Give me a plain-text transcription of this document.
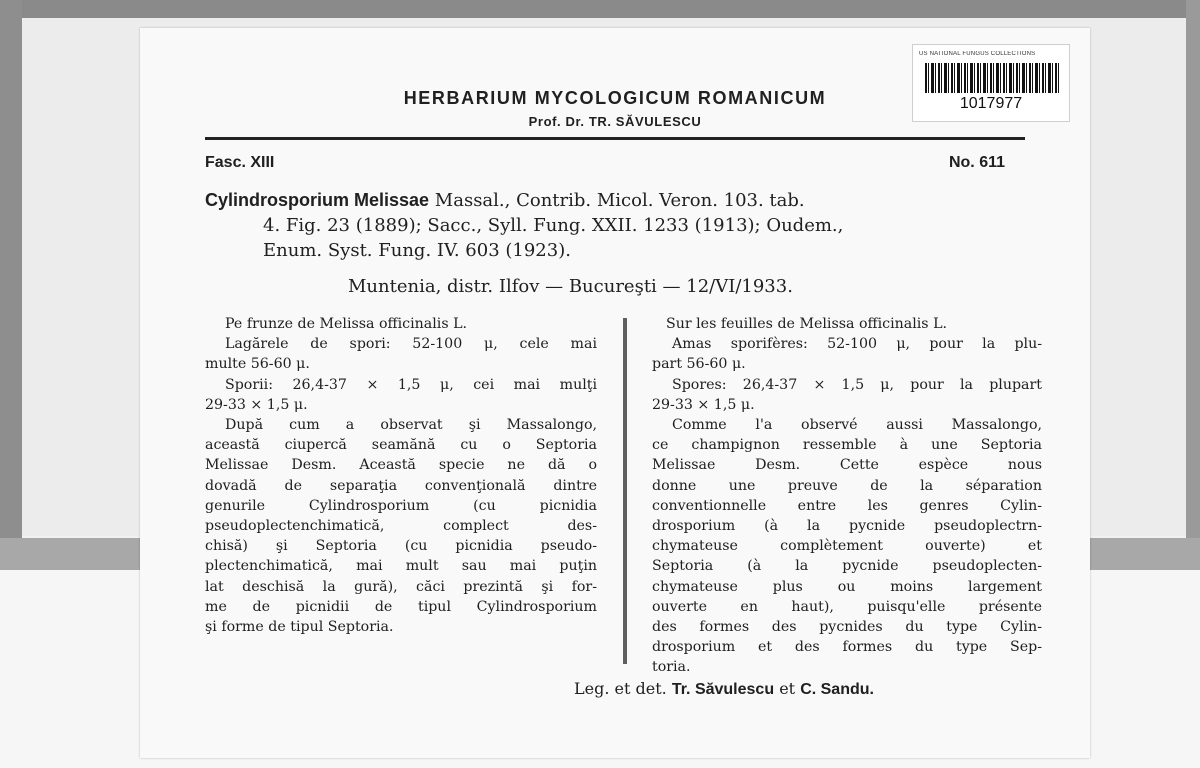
US NATIONAL FUNGUS COLLECTIONS
1017977
HERBARIUM MYCOLOGICUM ROMANICUM
Prof. Dr. TR. SĂVULESCU
Fasc. XIII	No. 611
Cylindrosporium Melissae Massal., Contrib. Micol. Veron. 103. tab.
4. Fig. 23 (1889); Sacc., Syll. Fung. XXII. 1233 (1913); Oudem.,
Enum. Syst. Fung. IV. 603 (1923).
Muntenia, distr. Ilfov — Bucureşti — 12/VI/1933.
Pe frunze de Melissa officinalis L.
Lagărele de spori: 52-100 μ, cele mai
multe 56-60 μ.
Sporii: 26,4-37 × 1,5 μ, cei mai mulţi
29-33 × 1,5 μ.
După cum a observat şi Massalongo,
această ciupercă seamănă cu o Septoria
Melissae Desm. Această specie ne dă o
dovadă de separaţia convenţională dintre
genurile Cylindrosporium (cu picnidia
pseudoplectenchimatică, complect des-
chisă) şi Septoria (cu picnidia pseudo-
plectenchimatică, mai mult sau mai puţin
lat deschisă la gură), căci prezintă şi for-
me de picnidii de tipul Cylindrosporium
şi forme de tipul Septoria.
Sur les feuilles de Melissa officinalis L.
Amas sporifères: 52-100 μ, pour la plu-
part 56-60 μ.
Spores: 26,4-37 × 1,5 μ, pour la plupart
29-33 × 1,5 μ.
Comme l'a observé aussi Massalongo,
ce champignon ressemble à une Septoria
Melissae Desm. Cette espèce nous
donne une preuve de la séparation
conventionnelle entre les genres Cylin-
drosporium (à la pycnide pseudoplectrn-
chymateuse complètement ouverte) et
Septoria (à la pycnide pseudoplecten-
chymateuse plus ou moins largement
ouverte en haut), puisqu'elle présente
des formes des pycnides du type Cylin-
drosporium et des formes du type Sep-
toria.
Leg. et det. Tr. Săvulescu et C. Sandu.
